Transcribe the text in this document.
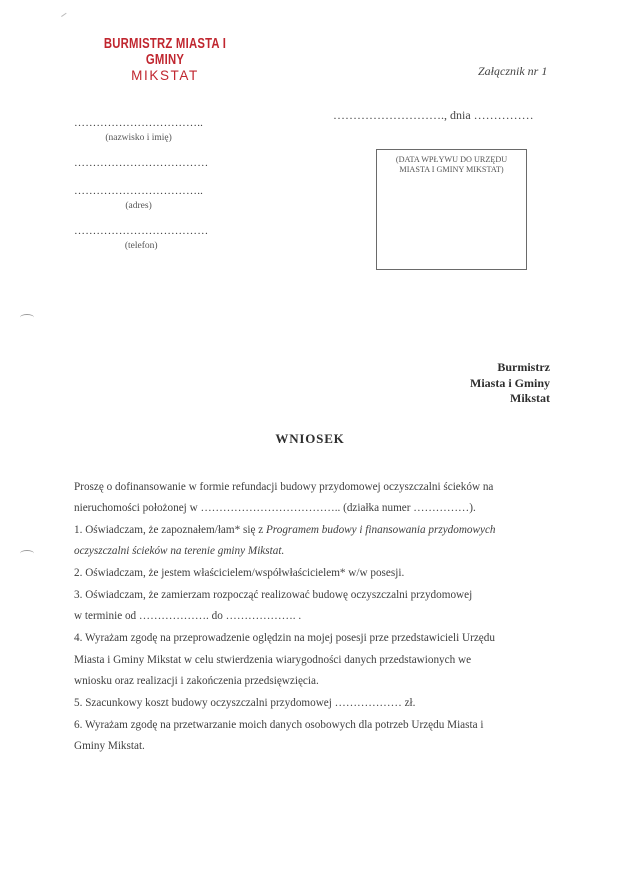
BURMISTRZ MIASTA I GMINY
MIKSTAT	Załącznik nr 1
………………………., dnia ……………
……………………………..
(nazwisko i imię)
………………………………
……………………………..
(adres)
………………………………
(telefon)
(DATA WPŁYWU DO URZĘDU MIASTA I GMINY MIKSTAT)
Burmistrz
Miasta i Gminy
Mikstat
WNIOSEK
Proszę o dofinansowanie w formie refundacji budowy przydomowej oczyszczalni ścieków na
nieruchomości położonej w ……………………………….. (działka numer ……………).
1. Oświadczam, że zapoznałem/łam* się z Programem budowy i finansowania przydomowych
oczyszczalni ścieków na terenie gminy Mikstat.
2. Oświadczam, że jestem właścicielem/współwłaścicielem* w/w posesji.
3. Oświadczam, że zamierzam rozpocząć realizować budowę oczyszczalni przydomowej
w terminie od ………………. do ………………. .
4. Wyrażam zgodę na przeprowadzenie oględzin na mojej posesji prze przedstawicieli Urzędu
Miasta i Gminy Mikstat w celu stwierdzenia wiarygodności danych przedstawionych we
wniosku oraz realizacji i zakończenia przedsięwzięcia.
5. Szacunkowy koszt budowy oczyszczalni przydomowej ……………… zł.
6. Wyrażam zgodę na przetwarzanie moich danych osobowych dla potrzeb Urzędu Miasta i
Gminy Mikstat.
